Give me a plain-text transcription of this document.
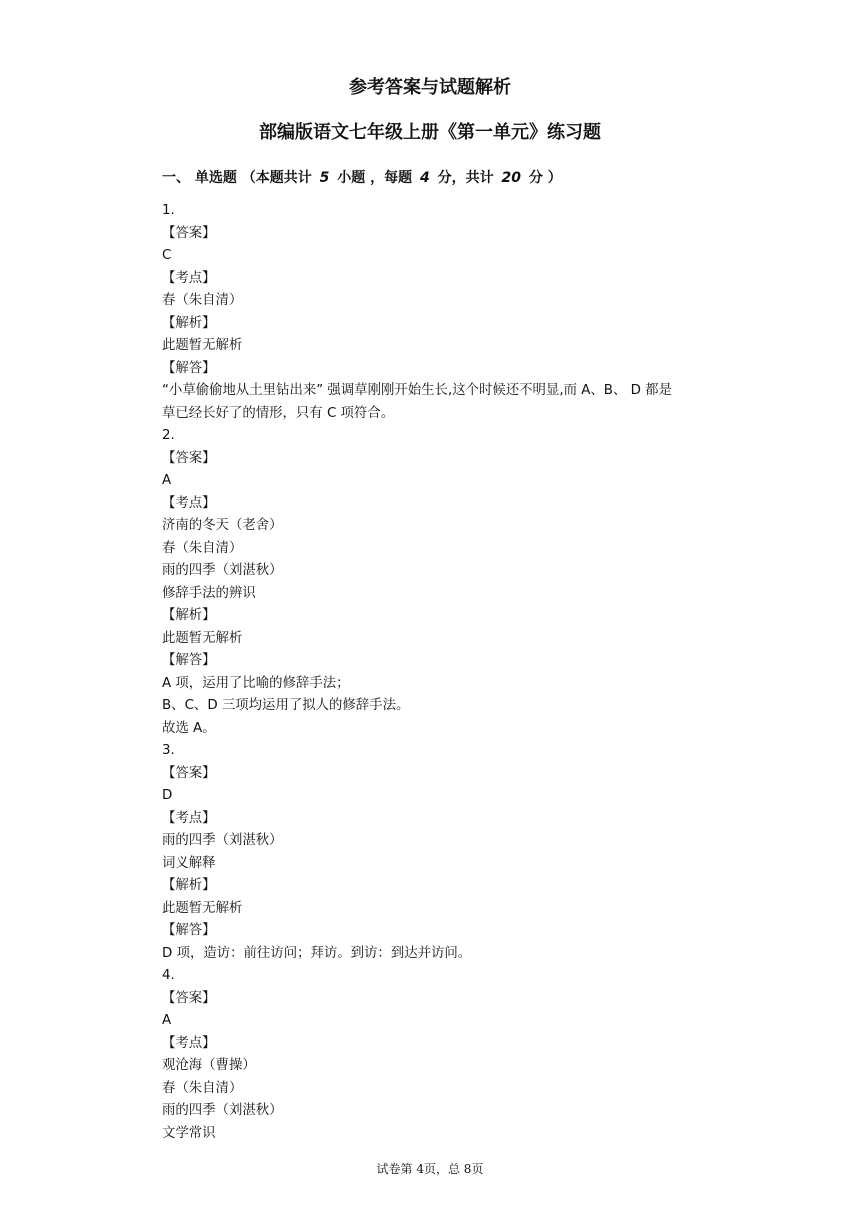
参考答案与试题解析
部编版语文七年级上册《第一单元》练习题
一、 单选题 （本题共计 5 小题 ，每题 4 分，共计 20 分 ）
1.
【答案】
C
【考点】
春（朱自清）
【解析】
此题暂无解析
【解答】
“小草偷偷地从土里钻出来” 强调草刚刚开始生长,这个时候还不明显,而 A、B、 D 都是
草已经长好了的情形，只有 C 项符合。
2.
【答案】
A
【考点】
济南的冬天（老舍）
春（朱自清）
雨的四季（刘湛秋）
修辞手法的辨识
【解析】
此题暂无解析
【解答】
A 项，运用了比喻的修辞手法；
B、C、D 三项均运用了拟人的修辞手法。
故选 A。
3.
【答案】
D
【考点】
雨的四季（刘湛秋）
词义解释
【解析】
此题暂无解析
【解答】
D 项，造访：前往访问；拜访。到访：到达并访问。
4.
【答案】
A
【考点】
观沧海（曹操）
春（朱自清）
雨的四季（刘湛秋）
文学常识
试卷第 4页，总 8页
